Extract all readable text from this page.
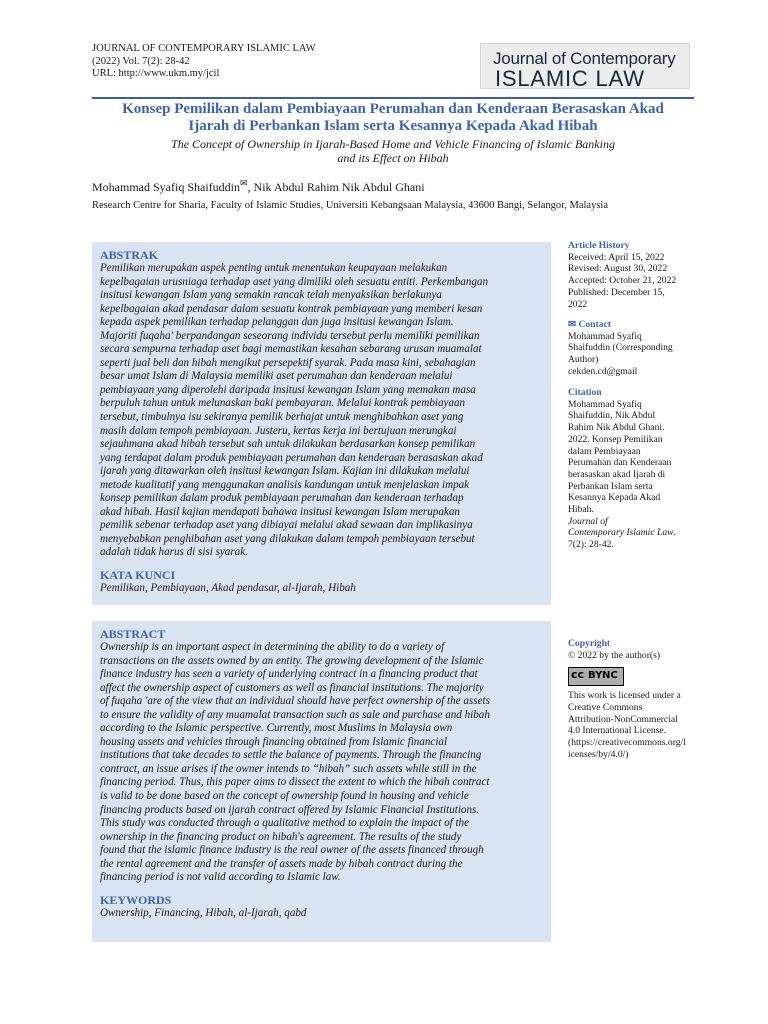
JOURNAL OF CONTEMPORARY ISLAMIC LAW
(2022) Vol. 7(2): 28-42
URL: http://www.ukm.my/jcil
Journal of Contemporary
ISLAMIC LAW
Konsep Pemilikan dalam Pembiayaan Perumahan dan Kenderaan Berasaskan Akad
Ijarah di Perbankan Islam serta Kesannya Kepada Akad Hibah
The Concept of Ownership in Ijarah-Based Home and Vehicle Financing of Islamic Banking
and its Effect on Hibah
Mohammad Syafiq Shaifuddin✉, Nik Abdul Rahim Nik Abdul Ghani
Research Centre for Sharia, Faculty of Islamic Studies, Universiti Kebangsaan Malaysia, 43600 Bangi, Selangor, Malaysia
ABSTRAK
Pemilikan merupakan aspek penting untuk menentukan keupayaan melakukan
kepelbagaian urusniaga terhadap aset yang dimiliki oleh sesuatu entiti. Perkembangan
insitusi kewangan Islam yang semakin rancak telah menyaksikan berlakunya
kepelbagaian akad pendasar dalam sesuatu kontrak pembiayaan yang memberi kesan
kepada aspek pemilikan terhadap pelanggan dan juga insitusi kewangan Islam.
Majoriti fuqaha' berpandangan seseorang individu tersebut perlu memiliki pemilikan
secara sempurna terhadap aset bagi memastikan kesahan sebarang urusan muamalat
seperti jual beli dan hibah mengikut persepektif syarak. Pada masa kini, sebahagian
besar umat Islam di Malaysia memiliki aset perumahan dan kenderaan melalui
pembiayaan yang diperolehi daripada insitusi kewangan Islam yang memakan masa
berpuluh tahun untuk melunaskan baki pembayaran. Melalui kontrak pembiayaan
tersebut, timbulnya isu sekiranya pemilik berhajat untuk menghibahkan aset yang
masih dalam tempoh pembiayaan. Justeru, kertas kerja ini bertujuan merungkai
sejauhmana akad hibah tersebut sah untuk dilakukan berdasarkan konsep pemilikan
yang terdapat dalam produk pembiayaan perumahan dan kenderaan berasaskan akad
ijarah yang ditawarkan oleh insitusi kewangan Islam. Kajian ini dilakukan melalui
metode kualitatif yang menggunakan analisis kandungan untuk menjelaskan impak
konsep pemilikan dalam produk pembiayaan perumahan dan kenderaan terhadap
akad hibah. Hasil kajian mendapati bahawa insitusi kewangan Islam merupakan
pemilik sebenar terhadap aset yang dibiayai melalui akad sewaan dan implikasinya
menyebabkan penghibahan aset yang dilakukan dalam tempoh pembiayaan tersebut
adalah tidak harus di sisi syarak.
KATA KUNCI
Pemilikan, Pembiayaan, Akad pendasar, al-Ijarah, Hibah
ABSTRACT
Ownership is an important aspect in determining the ability to do a variety of
transactions on the assets owned by an entity. The growing development of the Islamic
finance industry has seen a variety of underlying contract in a financing product that
affect the ownership aspect of customers as well as financial institutions. The majority
of fuqaha 'are of the view that an individual should have perfect ownership of the assets
to ensure the validity of any muamalat transaction such as sale and purchase and hibah
according to the Islamic perspective. Currently, most Muslims in Malaysia own
housing assets and vehicles through financing obtained from Islamic financial
institutions that take decades to settle the balance of payments. Through the financing
contract, an issue arises if the owner intends to “hibah” such assets while still in the
financing period. Thus, this paper aims to dissect the extent to which the hibah contract
is valid to be done based on the concept of ownership found in housing and vehicle
financing products based on ijarah contract offered by Islamic Financial Institutions.
This study was conducted through a qualitative method to explain the impact of the
ownership in the financing product on hibah's agreement. The results of the study
found that the islamic finance industry is the real owner of the assets financed through
the rental agreement and the transfer of assets made by hibah contract during the
financing period is not valid according to Islamic law.
KEYWORDS
Ownership, Financing, Hibah, al-Ijarah, qabd
Article History
Received: April 15, 2022
Revised: August 30, 2022
Accepted: October 21, 2022
Published: December 15,
2022
✉ Contact
Mohammad Syafiq
Shaifuddin (Corresponding
Author)
cekden.cd@gmail
Citation
Mohammad Syafiq
Shaifuddin, Nik Abdul
Rahim Nik Abdul Ghani.
2022. Konsep Pemilikan
dalam Pembiayaan
Perumahan dan Kenderaan
berasaskan akad Ijarah di
Perbankan Islam serta
Kesannya Kepada Akad
Hibah.
Journal of
Contemporary Islamic Law.
7(2): 28-42.
Copyright
© 2022 by the author(s)
cc BY NC
This work is licensed under a
Creative Commons
Attribution-NonCommercial
4.0 International License.
(https://creativecommons.org/l
icenses/by/4.0/)
